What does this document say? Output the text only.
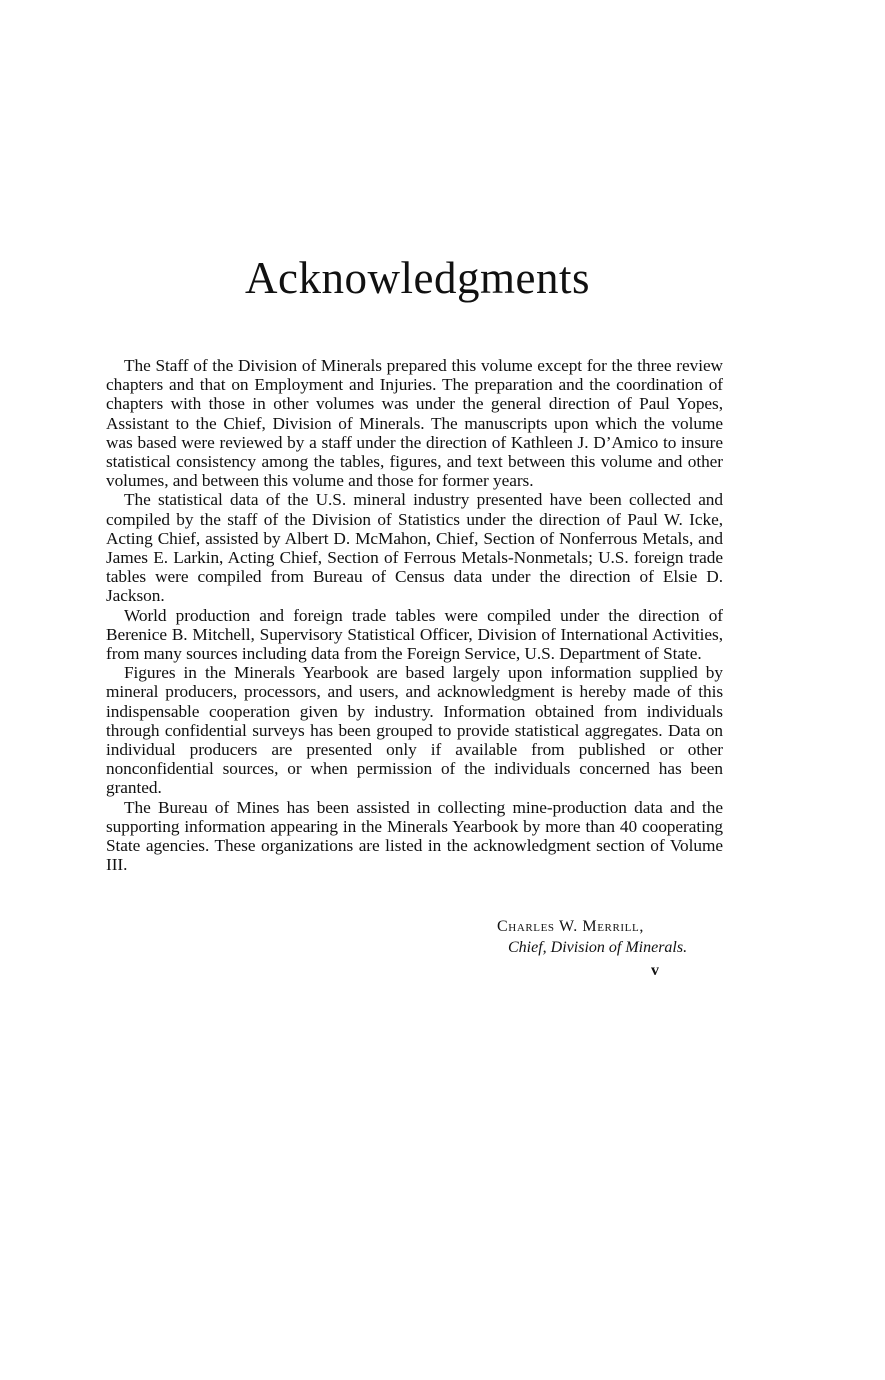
Acknowledgments

The Staff of the Division of Minerals prepared this volume except for the three review chapters and that on Employment and Injuries. The preparation and the coordination of chapters with those in other volumes was under the general direction of Paul Yopes, Assistant to the Chief, Division of Minerals. The manuscripts upon which the volume was based were reviewed by a staff under the direction of Kathleen J. D’Amico to insure statistical consistency among the tables, figures, and text between this volume and other volumes, and between this volume and those for former years.

The statistical data of the U.S. mineral industry presented have been collected and compiled by the staff of the Division of Statistics under the direction of Paul W. Icke, Acting Chief, assisted by Albert D. McMahon, Chief, Section of Nonferrous Metals, and James E. Larkin, Acting Chief, Section of Ferrous Metals-Nonmetals; U.S. foreign trade tables were compiled from Bureau of Census data under the direction of Elsie D. Jackson.

World production and foreign trade tables were compiled under the direction of Berenice B. Mitchell, Supervisory Statistical Officer, Division of International Activities, from many sources including data from the Foreign Service, U.S. Department of State.

Figures in the Minerals Yearbook are based largely upon information supplied by mineral producers, processors, and users, and acknowledgment is hereby made of this indispensable cooperation given by industry. Information obtained from individuals through confidential surveys has been grouped to provide statistical aggregates. Data on individual producers are presented only if available from published or other nonconfidential sources, or when permission of the individuals concerned has been granted.

The Bureau of Mines has been assisted in collecting mine-production data and the supporting information appearing in the Minerals Yearbook by more than 40 cooperating State agencies. These organizations are listed in the acknowledgment section of Volume III.

Charles W. Merrill,
Chief, Division of Minerals.
v
